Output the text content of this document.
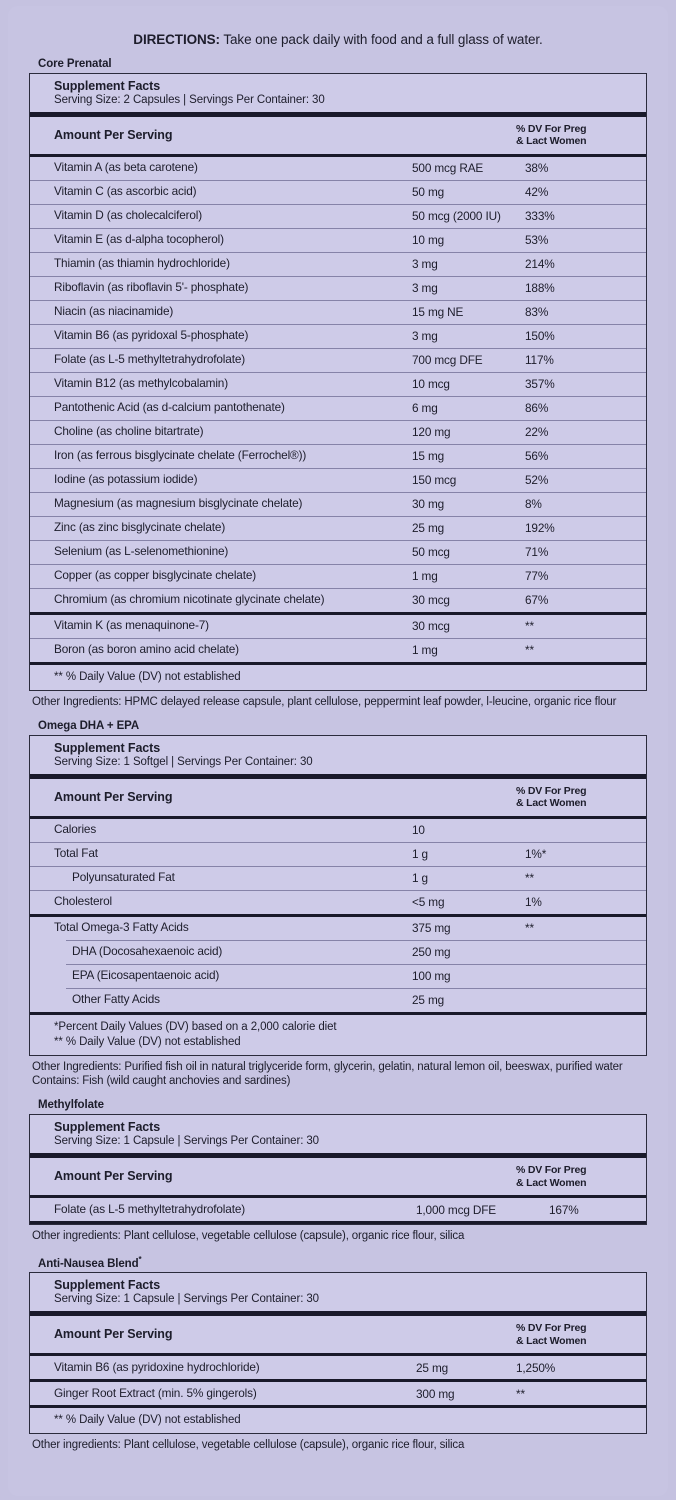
DIRECTIONS: Take one pack daily with food and a full glass of water.
Core Prenatal
Supplement Facts
Serving Size: 2 Capsules | Servings Per Container: 30
Amount Per Serving	% DV For Preg
& Lact Women
Vitamin A (as beta carotene)	500 mcg RAE	38%
Vitamin C (as ascorbic acid)	50 mg	42%
Vitamin D (as cholecalciferol)	50 mcg (2000 IU)	333%
Vitamin E (as d-alpha tocopherol)	10 mg	53%
Thiamin (as thiamin hydrochloride)	3 mg	214%
Riboflavin (as riboflavin 5'- phosphate)	3 mg	188%
Niacin (as niacinamide)	15 mg NE	83%
Vitamin B6 (as pyridoxal 5-phosphate)	3 mg	150%
Folate (as L-5 methyltetrahydrofolate)	700 mcg DFE	117%
Vitamin B12 (as methylcobalamin)	10 mcg	357%
Pantothenic Acid (as d-calcium pantothenate)	6 mg	86%
Choline (as choline bitartrate)	120 mg	22%
Iron (as ferrous bisglycinate chelate (Ferrochel®))	15 mg	56%
Iodine (as potassium iodide)	150 mcg	52%
Magnesium (as magnesium bisglycinate chelate)	30 mg	8%
Zinc (as zinc bisglycinate chelate)	25 mg	192%
Selenium (as L-selenomethionine)	50 mcg	71%
Copper (as copper bisglycinate chelate)	1 mg	77%
Chromium (as chromium nicotinate glycinate chelate)	30 mcg	67%
Vitamin K (as menaquinone-7)	30 mcg	**
Boron (as boron amino acid chelate)	1 mg	**
** % Daily Value (DV) not established
Other Ingredients: HPMC delayed release capsule, plant cellulose, peppermint leaf powder, l-leucine, organic rice flour
Omega DHA + EPA
Supplement Facts
Serving Size: 1 Softgel | Servings Per Container: 30
Amount Per Serving	% DV For Preg
& Lact Women
Calories	10
Total Fat	1 g	1%*
Polyunsaturated Fat	1 g	**
Cholesterol	<5 mg	1%
Total Omega-3 Fatty Acids	375 mg	**
DHA (Docosahexaenoic acid)	250 mg
EPA (Eicosapentaenoic acid)	100 mg
Other Fatty Acids	25 mg
*Percent Daily Values (DV) based on a 2,000 calorie diet
** % Daily Value (DV) not established
Other Ingredients: Purified fish oil in natural triglyceride form, glycerin, gelatin, natural lemon oil, beeswax, purified water
Contains: Fish (wild caught anchovies and sardines)
Methylfolate
Supplement Facts
Serving Size: 1 Capsule | Servings Per Container: 30
Amount Per Serving	% DV For Preg
& Lact Women
Folate (as L-5 methyltetrahydrofolate)	1,000 mcg DFE	167%
Other ingredients: Plant cellulose, vegetable cellulose (capsule), organic rice flour, silica
Anti-Nausea Blend*
Supplement Facts
Serving Size: 1 Capsule | Servings Per Container: 30
Amount Per Serving	% DV For Preg
& Lact Women
Vitamin B6 (as pyridoxine hydrochloride)	25 mg	1,250%
Ginger Root Extract (min. 5% gingerols)	300 mg	**
** % Daily Value (DV) not established
Other ingredients: Plant cellulose, vegetable cellulose (capsule), organic rice flour, silica
